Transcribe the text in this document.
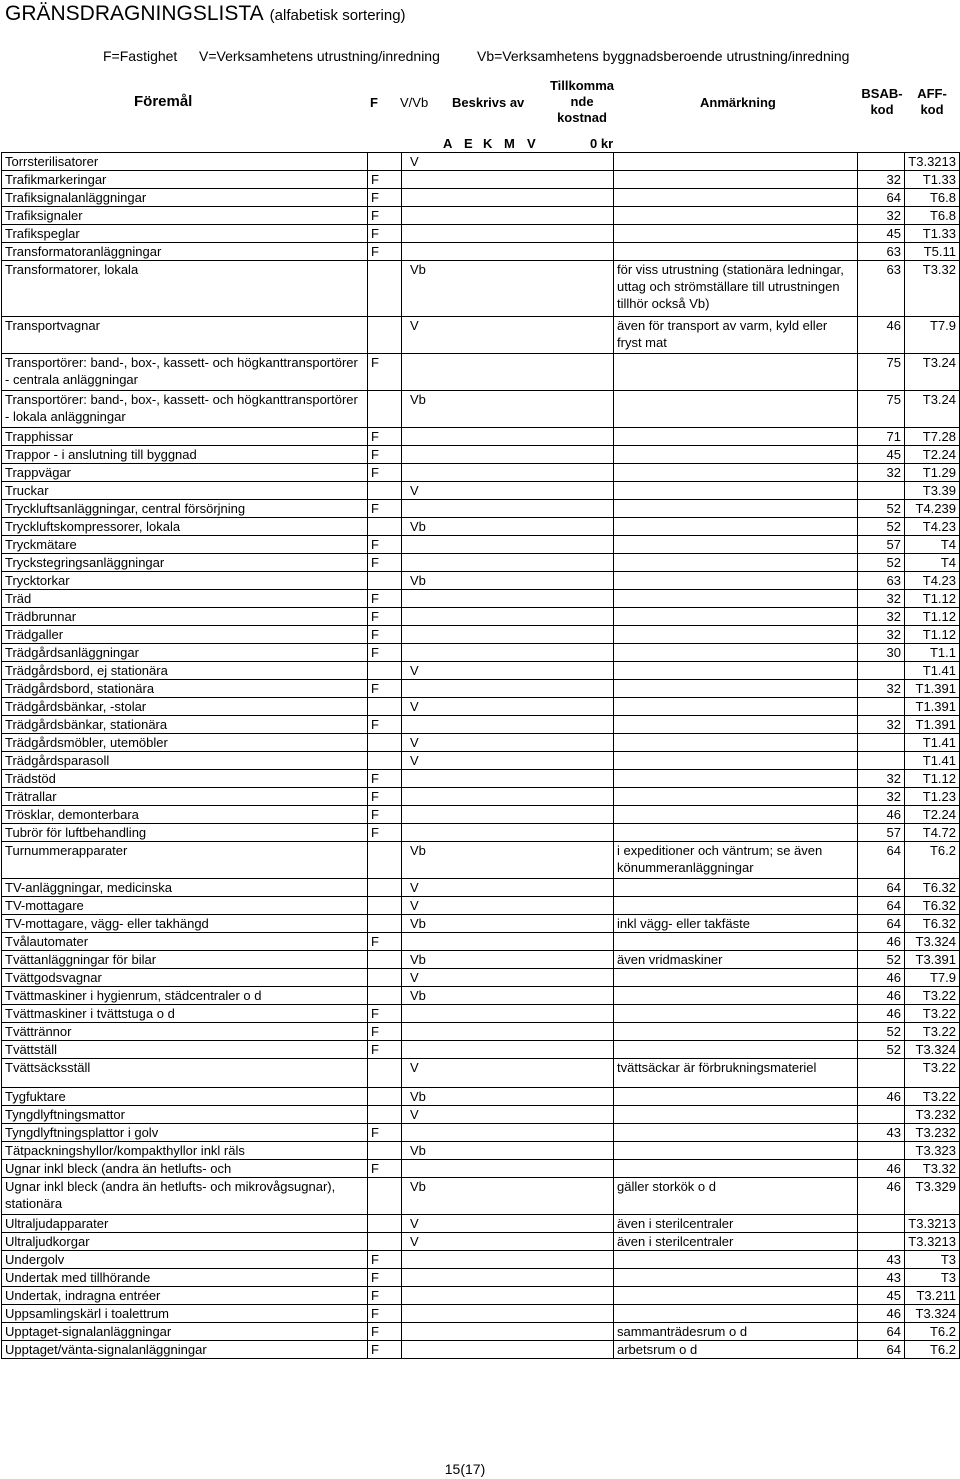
GRÄNSDRAGNINGSLISTA (alfabetisk sortering)
F=Fastighet V=Verksamhetens utrustning/inredning	Vb=Verksamhetens byggnadsberoende utrustning/inredning
Föremål	F V/Vb Beskrivs av
Tillkomma nde kostnad
Anmärkning
BSAB-kod
AFF-kod
A E K M V	0 kr
Torrsterilisatorer		V			T3.3213
Trafikmarkeringar	F			32	T1.33
Trafiksignalanläggningar	F			64	T6.8
Trafiksignaler	F			32	T6.8
Trafikspeglar	F			45	T1.33
Transformatoranläggningar	F			63	T5.11
Transformatorer, lokala		Vb	för viss utrustning (stationära ledningar, uttag och strömställare till utrustningen tillhör också Vb)	63	T3.32
Transportvagnar		V	även för transport av varm, kyld eller fryst mat	46	T7.9
Transportörer: band-, box-, kassett- och högkanttransportörer - centrala anläggningar	F			75	T3.24
Transportörer: band-, box-, kassett- och högkanttransportörer - lokala anläggningar		Vb		75	T3.24
Trapphissar	F			71	T7.28
Trappor - i anslutning till byggnad	F			45	T2.24
Trappvägar	F			32	T1.29
Truckar		V			T3.39
Tryckluftsanläggningar, central försörjning	F			52	T4.239
Tryckluftskompressorer, lokala		Vb		52	T4.23
Tryckmätare	F			57	T4
Tryckstegringsanläggningar	F			52	T4
Trycktorkar		Vb		63	T4.23
Träd	F			32	T1.12
Trädbrunnar	F			32	T1.12
Trädgaller	F			32	T1.12
Trädgårdsanläggningar	F			30	T1.1
Trädgårdsbord, ej stationära		V			T1.41
Trädgårdsbord, stationära	F			32	T1.391
Trädgårdsbänkar, -stolar		V			T1.391
Trädgårdsbänkar, stationära	F			32	T1.391
Trädgårdsmöbler, utemöbler		V			T1.41
Trädgårdsparasoll		V			T1.41
Trädstöd	F			32	T1.12
Trätrallar	F			32	T1.23
Trösklar, demonterbara	F			46	T2.24
Tubrör för luftbehandling	F			57	T4.72
Turnummerapparater		Vb	i expeditioner och väntrum; se även könummeranläggningar	64	T6.2
TV-anläggningar, medicinska		V		64	T6.32
TV-mottagare		V		64	T6.32
TV-mottagare, vägg- eller takhängd		Vb	inkl vägg- eller takfäste	64	T6.32
Tvålautomater	F			46	T3.324
Tvättanläggningar för bilar		Vb	även vridmaskiner	52	T3.391
Tvättgodsvagnar		V		46	T7.9
Tvättmaskiner i hygienrum, städcentraler o d		Vb		46	T3.22
Tvättmaskiner i tvättstuga o d	F			46	T3.22
Tvättrännor	F			52	T3.22
Tvättställ	F			52	T3.324
Tvättsäcksställ		V	tvättsäckar är förbrukningsmateriel		T3.22
Tygfuktare		Vb		46	T3.22
Tyngdlyftningsmattor		V			T3.232
Tyngdlyftningsplattor i golv	F			43	T3.232
Tätpackningshyllor/kompakthyllor inkl räls		Vb			T3.323
Ugnar inkl bleck (andra än hetlufts- och	F			46	T3.32
Ugnar inkl bleck (andra än hetlufts- och mikrovågsugnar), stationära		Vb	gäller storkök o d	46	T3.329
Ultraljudapparater		V	även i sterilcentraler		T3.3213
Ultraljudkorgar		V	även i sterilcentraler		T3.3213
Undergolv	F			43	T3
Undertak med tillhörande	F			43	T3
Undertak, indragna entréer	F			45	T3.211
Uppsamlingskärl i toalettrum	F			46	T3.324
Upptaget-signalanläggningar	F		sammanträdesrum o d	64	T6.2
Upptaget/vänta-signalanläggningar	F		arbetsrum o d	64	T6.2
15(17)
